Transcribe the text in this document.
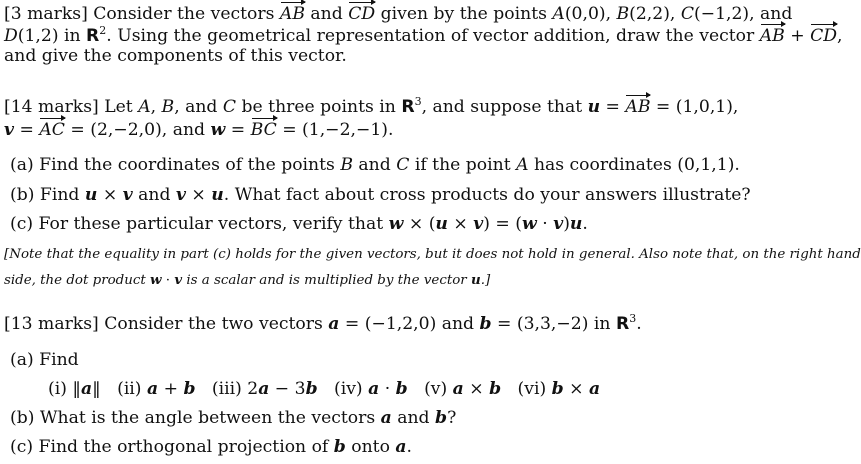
[3 marks] Consider the vectors AB and CD given by the points A(0,0), B(2,2), C(−1,2), and
D(1,2) in $R^2$. Using the geometrical representation of vector addition, draw the vector AB + CD,
and give the components of this vector.
[14 marks] Let A, B, and C be three points in $R^3$, and suppose that u = AB = (1,0,1),
v = AC = (2,−2,0), and w = BC = (1,−2,−1).
(a) Find the coordinates of the points B and C if the point A has coordinates (0,1,1).
(b) Find u × v and v × u. What fact about cross products do your answers illustrate?
(c) For these particular vectors, verify that w × (u × v) = (w · v)u.
[Note that the equality in part (c) holds for the given vectors, but it does not hold in general. Also note that, on the right hand
side, the dot product w · v is a scalar and is multiplied by the vector u.]
[13 marks] Consider the two vectors a = (−1,2,0) and b = (3,3,−2) in $R^3$.
(a) Find
(i) ‖a‖ (ii) a + b (iii) 2a − 3b (iv) a · b (v) a × b (vi) b × a
(b) What is the angle between the vectors a and b?
(c) Find the orthogonal projection of b onto a.
